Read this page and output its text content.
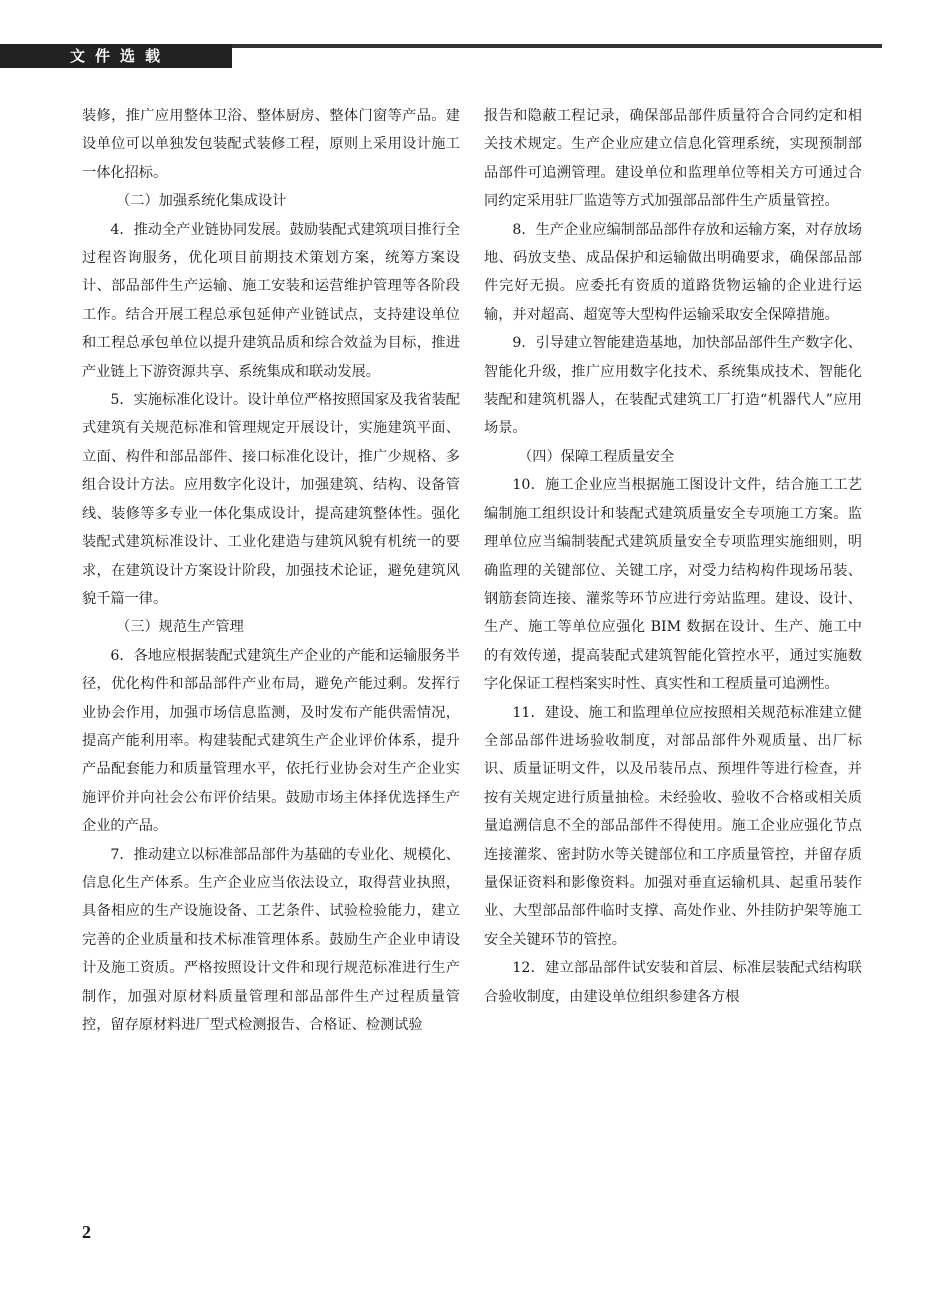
文件选载

装修，推广应用整体卫浴、整体厨房、整体门窗等产品。建设单位可以单独发包装配式装修工程，原则上采用设计施工一体化招标。

（二）加强系统化集成设计

4．推动全产业链协同发展。鼓励装配式建筑项目推行全过程咨询服务，优化项目前期技术策划方案，统筹方案设计、部品部件生产运输、施工安装和运营维护管理等各阶段工作。结合开展工程总承包延伸产业链试点，支持建设单位和工程总承包单位以提升建筑品质和综合效益为目标，推进产业链上下游资源共享、系统集成和联动发展。

5．实施标准化设计。设计单位严格按照国家及我省装配式建筑有关规范标准和管理规定开展设计，实施建筑平面、立面、构件和部品部件、接口标准化设计，推广少规格、多组合设计方法。应用数字化设计，加强建筑、结构、设备管线、装修等多专业一体化集成设计，提高建筑整体性。强化装配式建筑标准设计、工业化建造与建筑风貌有机统一的要求，在建筑设计方案设计阶段，加强技术论证，避免建筑风貌千篇一律。

（三）规范生产管理

6．各地应根据装配式建筑生产企业的产能和运输服务半径，优化构件和部品部件产业布局，避免产能过剩。发挥行业协会作用，加强市场信息监测，及时发布产能供需情况，提高产能利用率。构建装配式建筑生产企业评价体系，提升产品配套能力和质量管理水平，依托行业协会对生产企业实施评价并向社会公布评价结果。鼓励市场主体择优选择生产企业的产品。

7．推动建立以标准部品部件为基础的专业化、规模化、信息化生产体系。生产企业应当依法设立，取得营业执照，具备相应的生产设施设备、工艺条件、试验检验能力，建立完善的企业质量和技术标准管理体系。鼓励生产企业申请设计及施工资质。严格按照设计文件和现行规范标准进行生产制作，加强对原材料质量管理和部品部件生产过程质量管控，留存原材料进厂型式检测报告、合格证、检测试验

报告和隐蔽工程记录，确保部品部件质量符合合同约定和相关技术规定。生产企业应建立信息化管理系统，实现预制部品部件可追溯管理。建设单位和监理单位等相关方可通过合同约定采用驻厂监造等方式加强部品部件生产质量管控。

8．生产企业应编制部品部件存放和运输方案，对存放场地、码放支垫、成品保护和运输做出明确要求，确保部品部件完好无损。应委托有资质的道路货物运输的企业进行运输，并对超高、超宽等大型构件运输采取安全保障措施。

9．引导建立智能建造基地，加快部品部件生产数字化、智能化升级，推广应用数字化技术、系统集成技术、智能化装配和建筑机器人，在装配式建筑工厂打造“机器代人”应用场景。

（四）保障工程质量安全

10．施工企业应当根据施工图设计文件，结合施工工艺编制施工组织设计和装配式建筑质量安全专项施工方案。监理单位应当编制装配式建筑质量安全专项监理实施细则，明确监理的关键部位、关键工序，对受力结构构件现场吊装、钢筋套筒连接、灌浆等环节应进行旁站监理。建设、设计、生产、施工等单位应强化 BIM 数据在设计、生产、施工中的有效传递，提高装配式建筑智能化管控水平，通过实施数字化保证工程档案实时性、真实性和工程质量可追溯性。

11．建设、施工和监理单位应按照相关规范标准建立健全部品部件进场验收制度，对部品部件外观质量、出厂标识、质量证明文件，以及吊装吊点、预埋件等进行检查，并按有关规定进行质量抽检。未经验收、验收不合格或相关质量追溯信息不全的部品部件不得使用。施工企业应强化节点连接灌浆、密封防水等关键部位和工序质量管控，并留存质量保证资料和影像资料。加强对垂直运输机具、起重吊装作业、大型部品部件临时支撑、高处作业、外挂防护架等施工安全关键环节的管控。

12．建立部品部件试安装和首层、标准层装配式结构联合验收制度，由建设单位组织参建各方根

2
